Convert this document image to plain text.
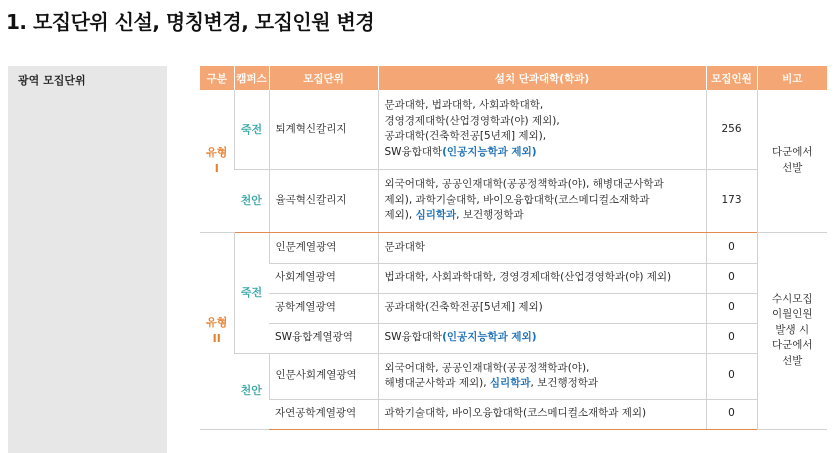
1. 모집단위 신설, 명칭변경, 모집인원 변경
광역 모집단위	구분	캠퍼스	모집단위	설치 단과대학(학과)	모집인원	비고
유형 I	죽전	퇴계혁신칼리지	문과대학, 법과대학, 사회과학대학,
경영경제대학(산업경영학과(야) 제외),
공과대학(건축학전공[5년제] 제외),
SW융합대학(인공지능학과 제외)	256	다군에서
선발
	천안	율곡혁신칼리지	외국어대학, 공공인재대학(공공정책학과(야), 해병대군사학과
제외), 과학기술대학, 바이오융합대학(코스메디컬소재학과
제외), 심리학과, 보건행정학과	173	
유형 II	죽전	인문계열광역	문과대학	0	수시모집
이월인원
발생 시
다군에서
선발
		사회계열광역	법과대학, 사회과학대학, 경영경제대학(산업경영학과(야) 제외)	0	
		공학계열광역	공과대학(건축학전공[5년제] 제외)	0	
		SW융합계열광역	SW융합대학(인공지능학과 제외)	0	
	천안	인문사회계열광역	외국어대학, 공공인재대학(공공정책학과(야),
해병대군사학과 제외), 심리학과, 보건행정학과	0	
		자연공학계열광역	과학기술대학, 바이오융합대학(코스메디컬소재학과 제외)	0	
